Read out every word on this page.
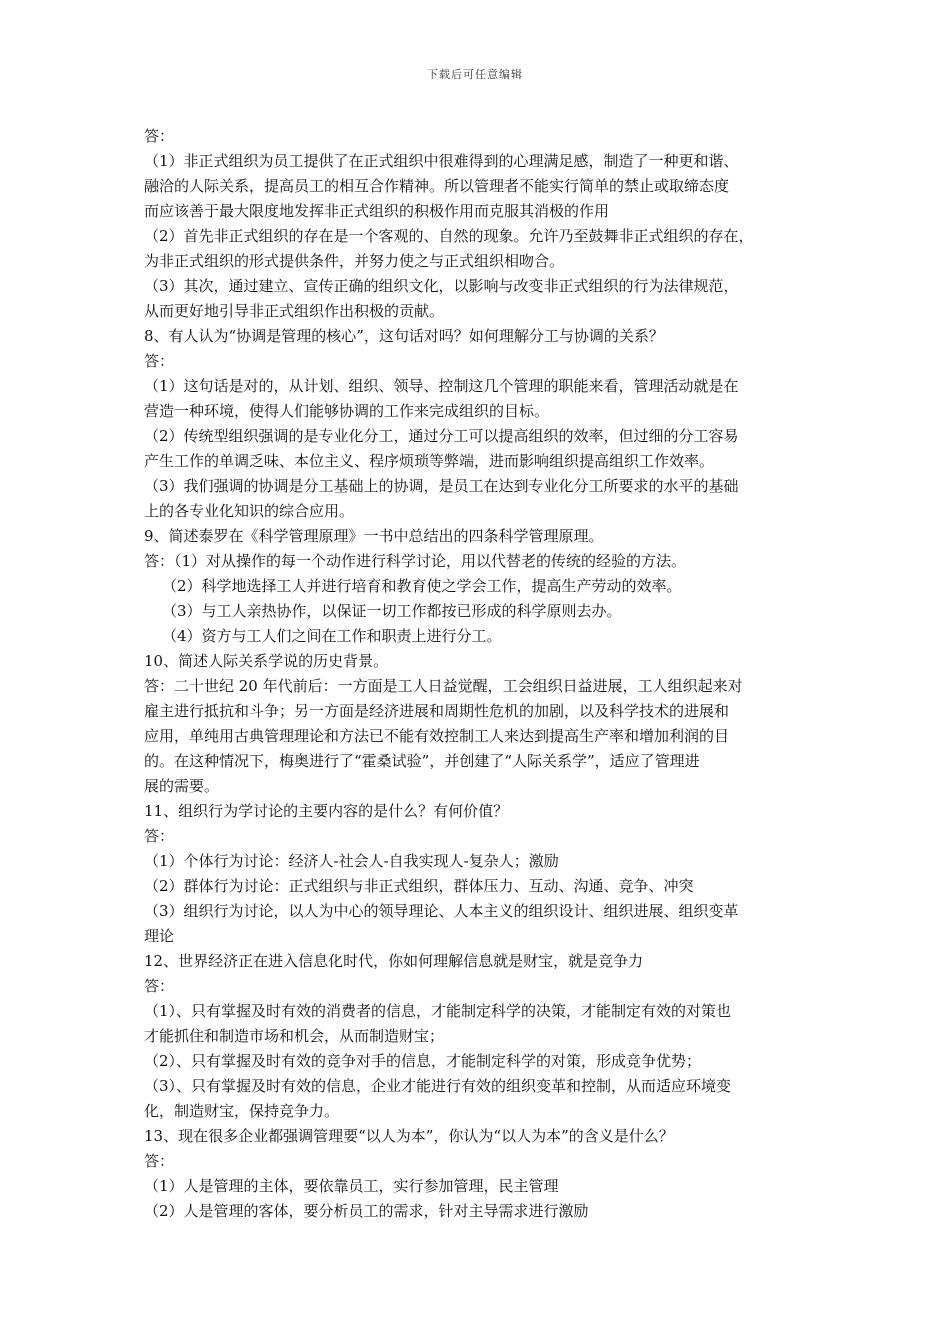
下载后可任意编辑
答：
（1）非正式组织为员工提供了在正式组织中很难得到的心理满足感，制造了一种更和谐、
融洽的人际关系，提高员工的相互合作精神。所以管理者不能实行简单的禁止或取缔态度
而应该善于最大限度地发挥非正式组织的积极作用而克服其消极的作用
（2）首先非正式组织的存在是一个客观的、自然的现象。允许乃至鼓舞非正式组织的存在，
为非正式组织的形式提供条件，并努力使之与正式组织相吻合。
（3）其次，通过建立、宣传正确的组织文化，以影响与改变非正式组织的行为法律规范，
从而更好地引导非正式组织作出积极的贡献。
8、有人认为“协调是管理的核心”，这句话对吗？如何理解分工与协调的关系？
答：
（1）这句话是对的，从计划、组织、领导、控制这几个管理的职能来看，管理活动就是在
营造一种环境，使得人们能够协调的工作来完成组织的目标。
（2）传统型组织强调的是专业化分工，通过分工可以提高组织的效率，但过细的分工容易
产生工作的单调乏味、本位主义、程序烦琐等弊端，进而影响组织提高组织工作效率。
（3）我们强调的协调是分工基础上的协调，是员工在达到专业化分工所要求的水平的基础
上的各专业化知识的综合应用。
9、简述泰罗在《科学管理原理》一书中总结出的四条科学管理原理。
答：（1）对从操作的每一个动作进行科学讨论，用以代替老的传统的经验的方法。
（2）科学地选择工人并进行培育和教育使之学会工作，提高生产劳动的效率。
（3）与工人亲热协作，以保证一切工作都按已形成的科学原则去办。
（4）资方与工人们之间在工作和职责上进行分工。
10、简述人际关系学说的历史背景。
答：二十世纪 20 年代前后：一方面是工人日益觉醒，工会组织日益进展，工人组织起来对
雇主进行抵抗和斗争；另一方面是经济进展和周期性危机的加剧，以及科学技术的进展和
应用，单纯用古典管理理论和方法已不能有效控制工人来达到提高生产率和增加利润的目
的。在这种情况下，梅奥进行了“霍桑试验”，并创建了“人际关系学”，适应了管理进
展的需要。
11、组织行为学讨论的主要内容的是什么？有何价值？
答：
（1）个体行为讨论：经济人-社会人-自我实现人-复杂人；激励
（2）群体行为讨论：正式组织与非正式组织，群体压力、互动、沟通、竞争、冲突
（3）组织行为讨论，以人为中心的领导理论、人本主义的组织设计、组织进展、组织变革
理论
12、世界经济正在进入信息化时代，你如何理解信息就是财宝，就是竞争力
答：
（1）、只有掌握及时有效的消费者的信息，才能制定科学的决策，才能制定有效的对策也
才能抓住和制造市场和机会，从而制造财宝；
（2）、只有掌握及时有效的竞争对手的信息，才能制定科学的对策，形成竞争优势；
（3）、只有掌握及时有效的信息，企业才能进行有效的组织变革和控制，从而适应环境变
化，制造财宝，保持竞争力。
13、现在很多企业都强调管理要“以人为本”，你认为“以人为本”的含义是什么？
答：
（1）人是管理的主体，要依靠员工，实行参加管理，民主管理
（2）人是管理的客体，要分析员工的需求，针对主导需求进行激励
